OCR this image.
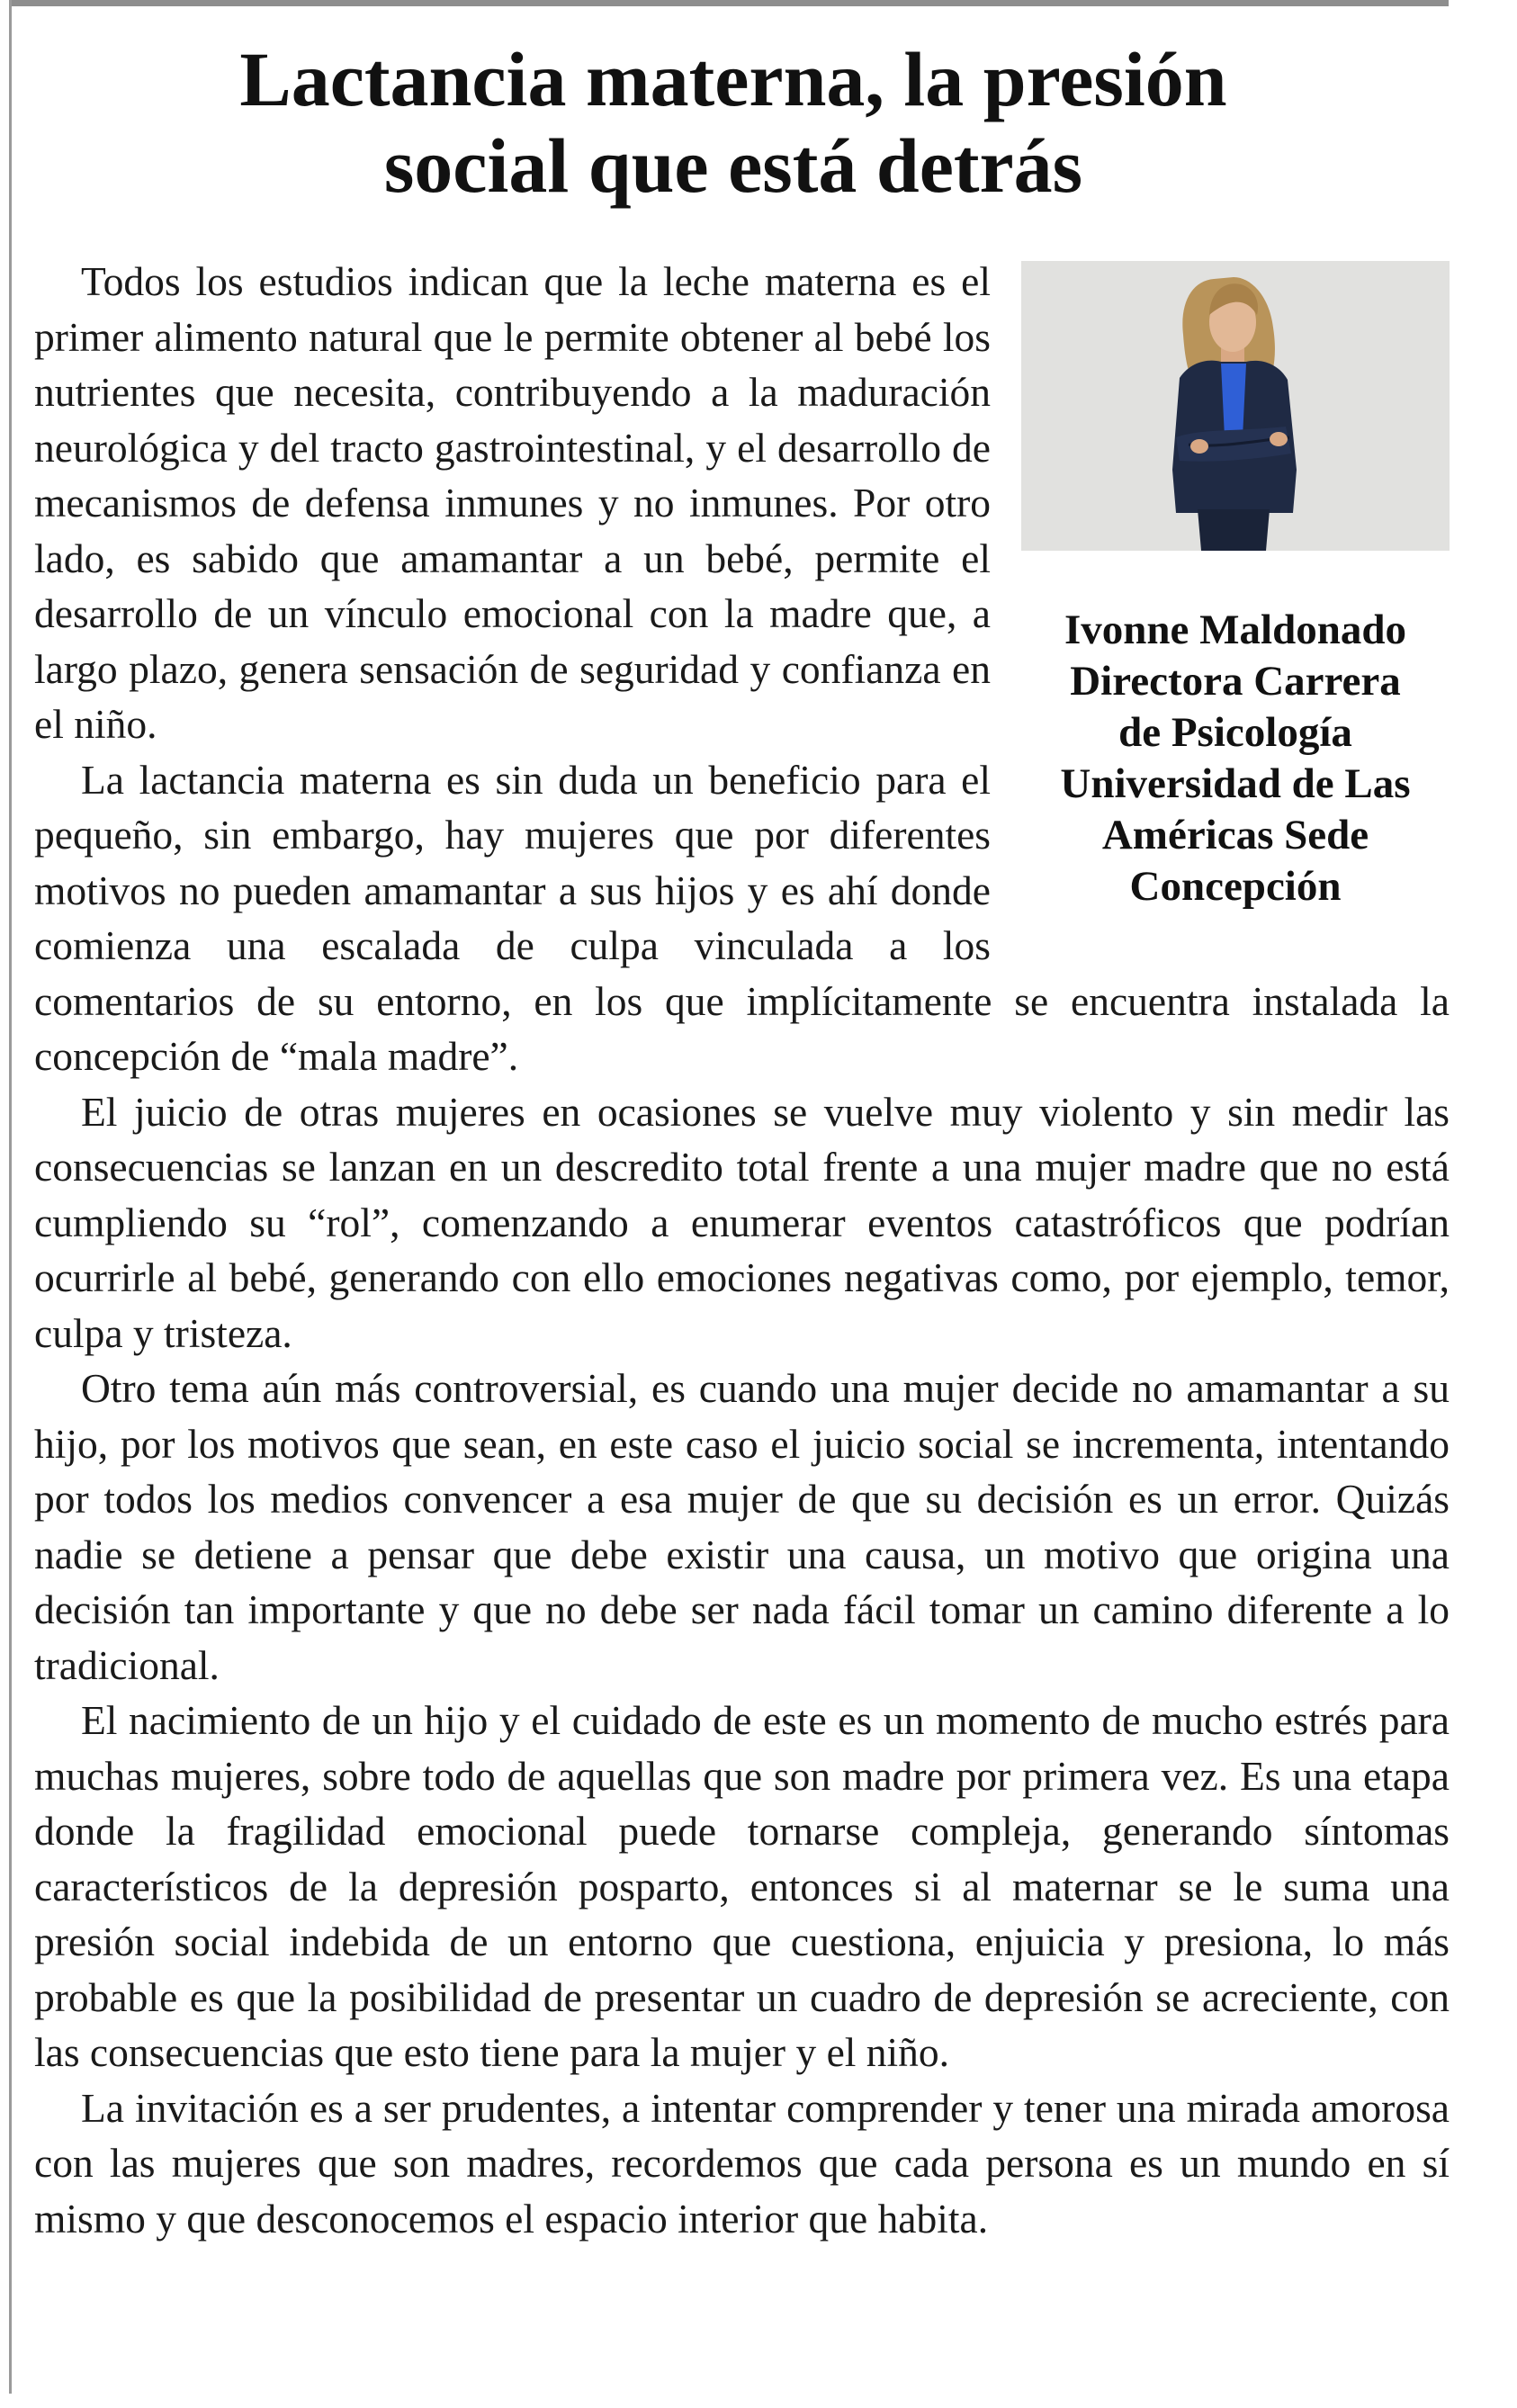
Lactancia materna, la presión
social que está detrás
Ivonne Maldonado
Directora Carrera
de Psicología
Universidad de Las
Américas Sede
Concepción

Todos los estudios indican que la leche materna es el primer alimento natural que le permite obtener al bebé los nutrientes que necesita, contribuyendo a la maduración neurológica y del tracto gastrointestinal, y el desarrollo de mecanismos de defensa inmunes y no inmunes. Por otro lado, es sabido que amamantar a un bebé, permite el desarrollo de un vínculo emocional con la madre que, a largo plazo, genera sensación de seguridad y confianza en el niño.

La lactancia materna es sin duda un beneficio para el pequeño, sin embargo, hay mujeres que por diferentes motivos no pueden amamantar a sus hijos y es ahí donde comienza una escalada de culpa vinculada a los comentarios de su entorno, en los que implícitamente se encuentra instalada la concepción de “mala madre”.

El juicio de otras mujeres en ocasiones se vuelve muy violento y sin medir las consecuencias se lanzan en un descredito total frente a una mujer madre que no está cumpliendo su “rol”, comenzando a enumerar eventos catastróficos que podrían ocurrirle al bebé, generando con ello emociones negativas como, por ejemplo, temor, culpa y tristeza.

Otro tema aún más controversial, es cuando una mujer decide no amamantar a su hijo, por los motivos que sean, en este caso el juicio social se incrementa, intentando por todos los medios convencer a esa mujer de que su decisión es un error. Quizás nadie se detiene a pensar que debe existir una causa, un motivo que origina una decisión tan importante y que no debe ser nada fácil tomar un camino diferente a lo tradicional.

El nacimiento de un hijo y el cuidado de este es un momento de mucho estrés para muchas mujeres, sobre todo de aquellas que son madre por primera vez. Es una etapa donde la fragilidad emocional puede tornarse compleja, generando síntomas característicos de la depresión posparto, entonces si al maternar se le suma una presión social indebida de un entorno que cuestiona, enjuicia y presiona, lo más probable es que la posibilidad de presentar un cuadro de depresión se acreciente, con las consecuencias que esto tiene para la mujer y el niño.

La invitación es a ser prudentes, a intentar comprender y tener una mirada amorosa con las mujeres que son madres, recordemos que cada persona es un mundo en sí mismo y que desconocemos el espacio interior que habita.
